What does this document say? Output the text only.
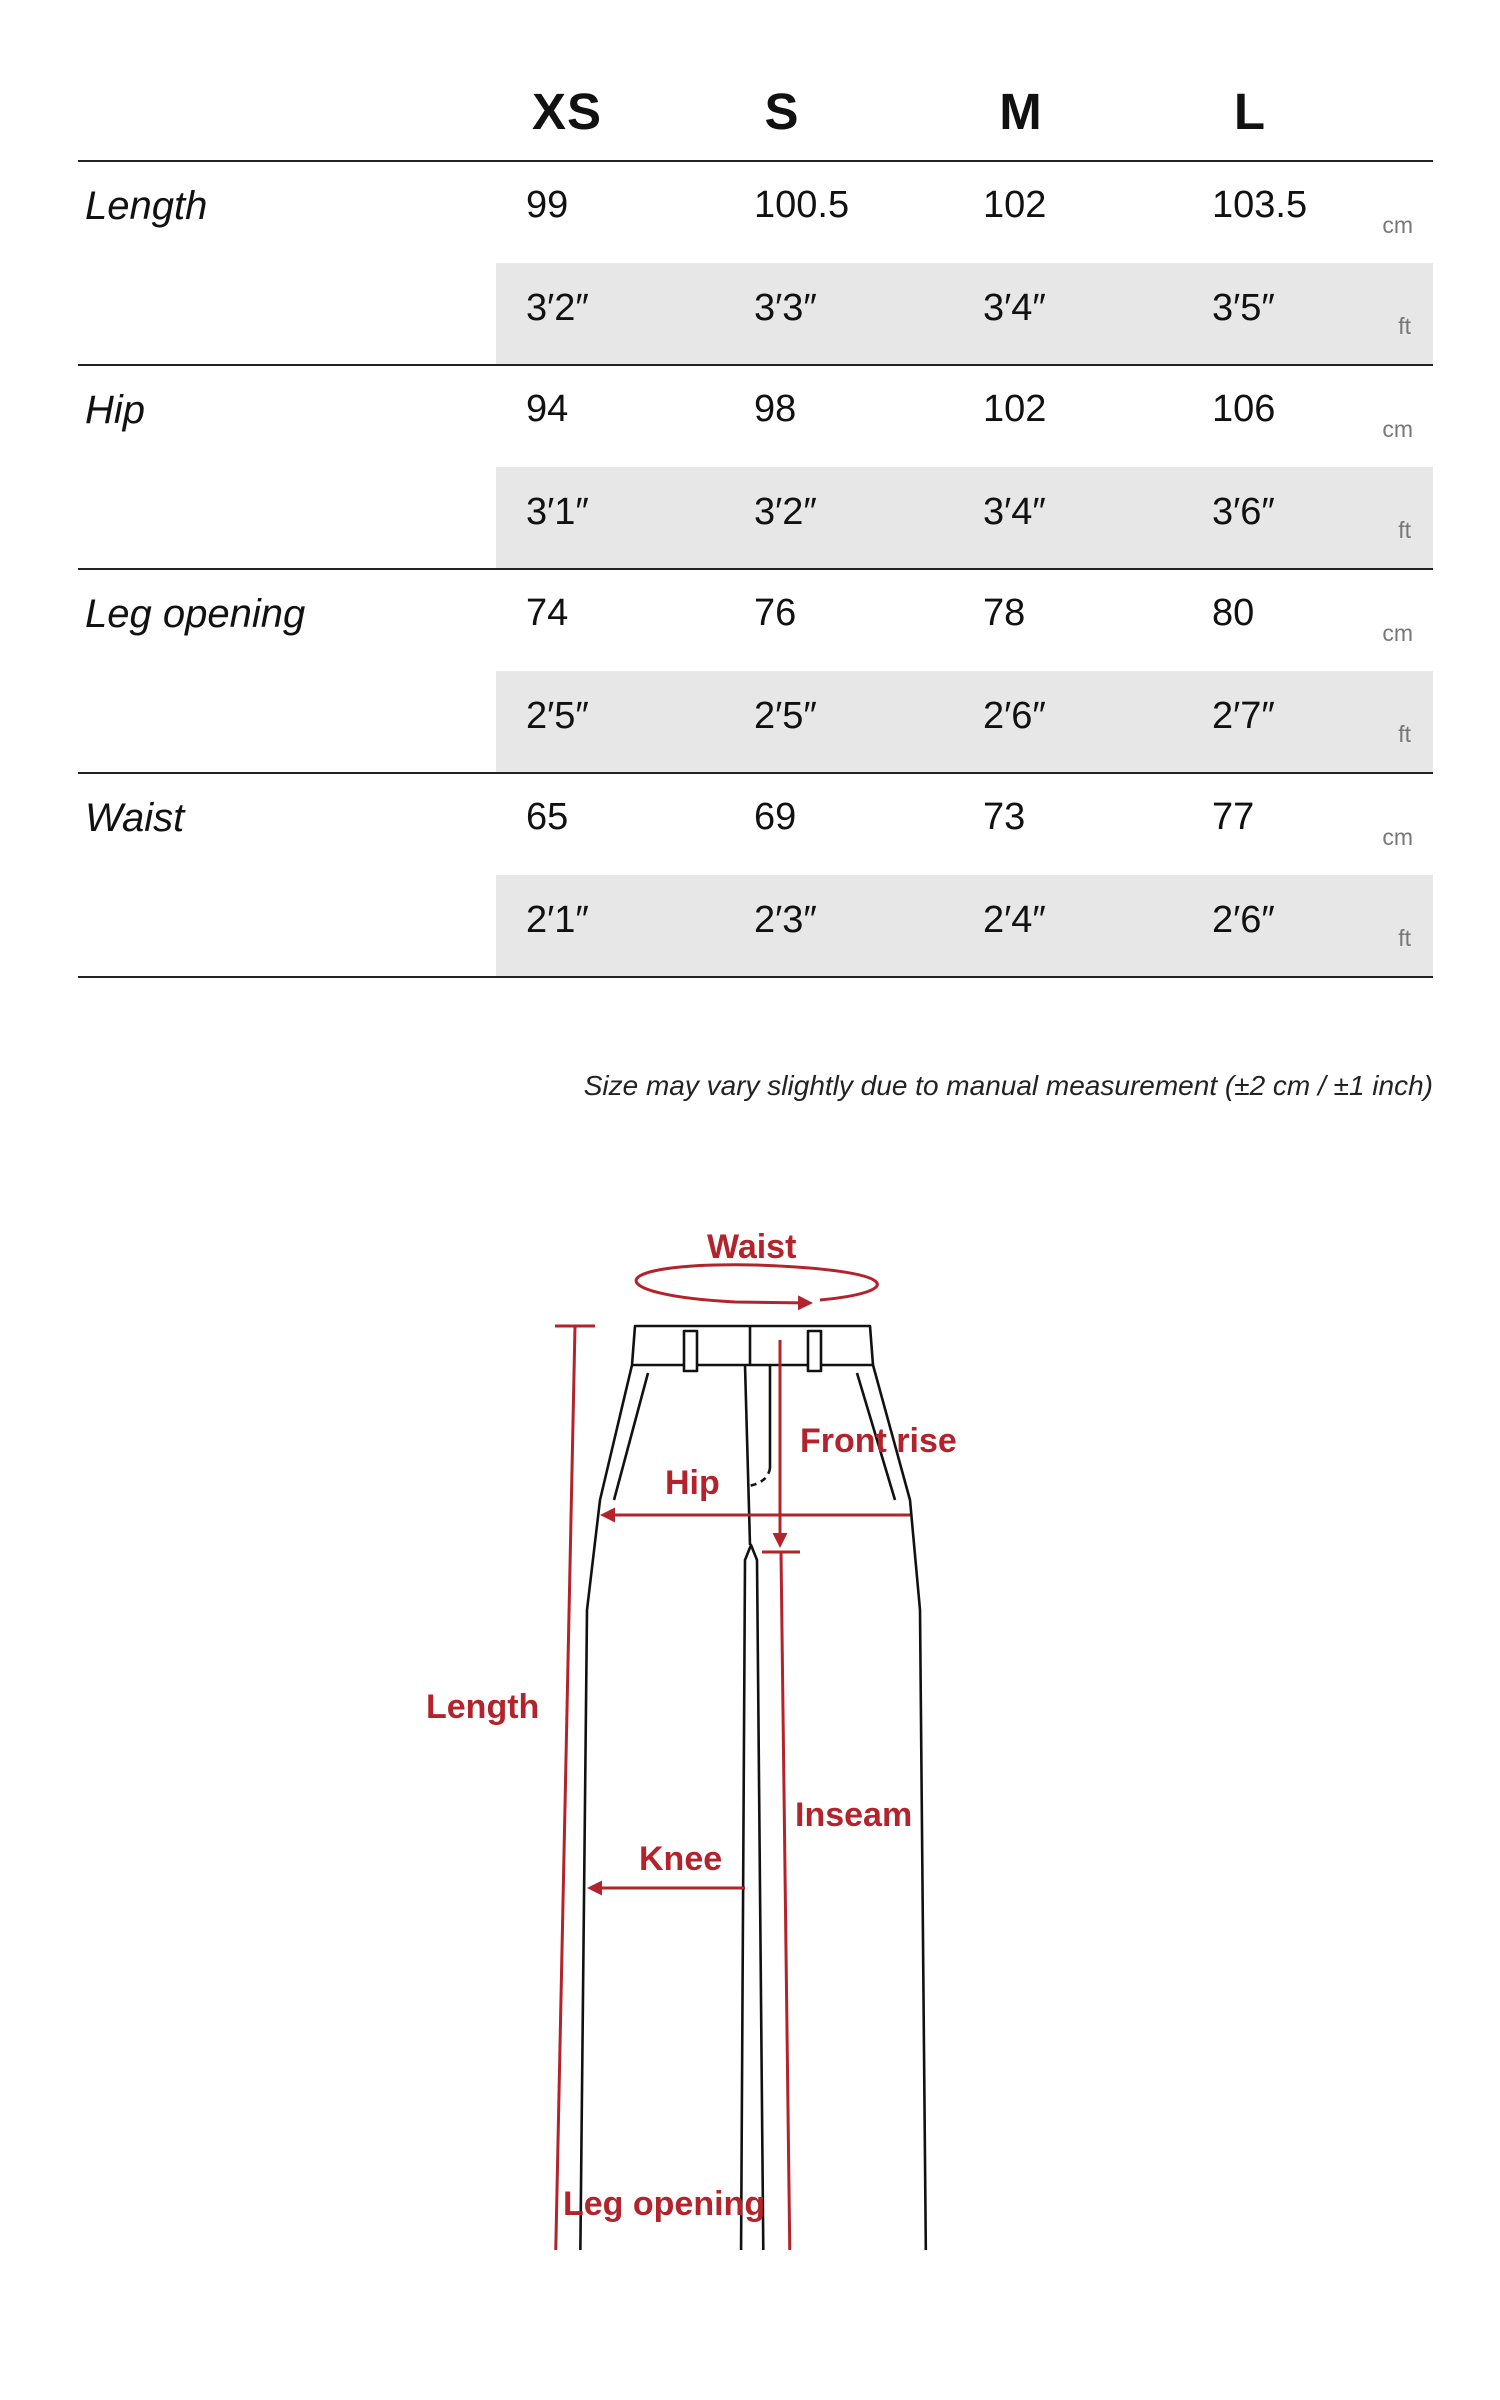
XS	S	M	L
Length	99	100.5	102	103.5	cm
3′2″	3′3″	3′4″	3′5″	ft
Hip	94	98	102	106	cm
3′1″	3′2″	3′4″	3′6″	ft
Leg opening	74	76	78	80	cm
2′5″	2′5″	2′6″	2′7″	ft
Waist	65	69	73	77	cm
2′1″	2′3″	2′4″	2′6″	ft
Size may vary slightly due to manual measurement (±2 cm / ±1 inch)
Waist
Front rise
Hip
Length
Inseam
Knee
Leg opening
